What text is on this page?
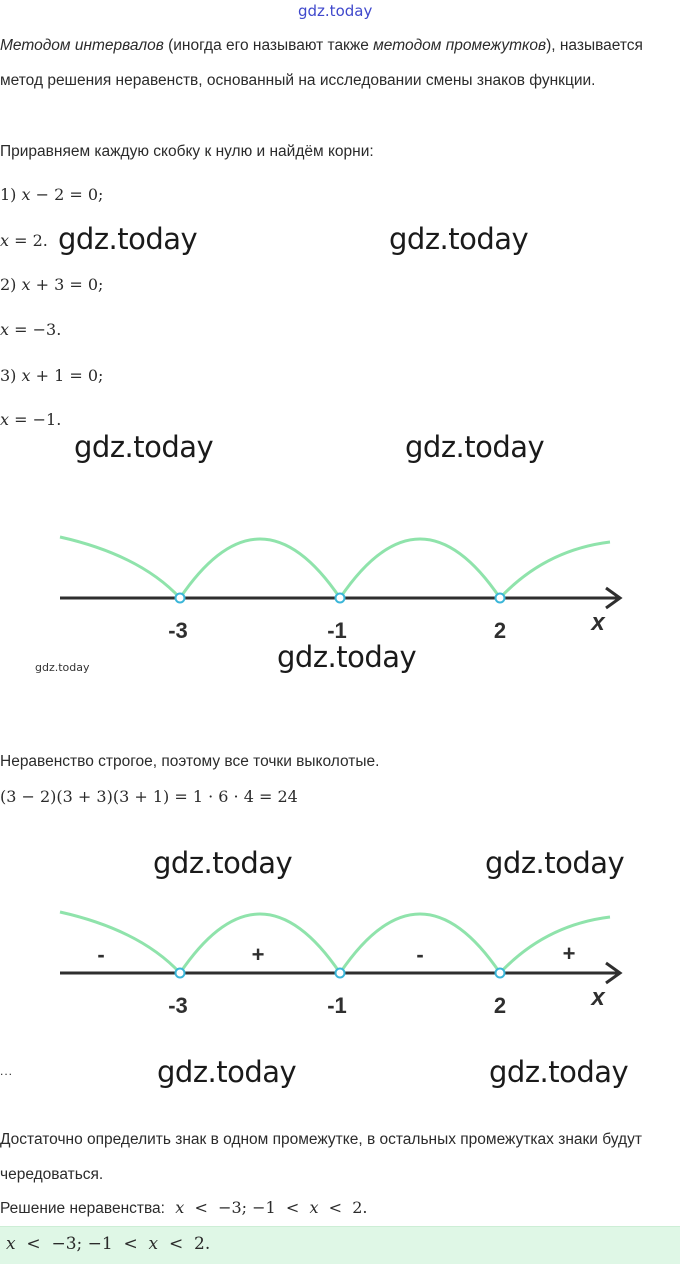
gdz.today
Методом интервалов (иногда его называют также методом промежутков), называется метод решения неравенств, основанный на исследовании смены знаков функции.
Приравняем каждую скобку к нулю и найдём корни:
1) 𝑥 − 2 = 0;
𝑥 = 2.
2) 𝑥 + 3 = 0;
𝑥 = −3.
3) 𝑥 + 1 = 0;
𝑥 = −1.
gdz.today	gdz.today
gdz.today	gdz.today
-3	-1	2	x
gdz.today
gdz.today
Неравенство строгое, поэтому все точки выколотые.
(3 − 2)(3 + 3)(3 + 1) = 1 · 6 · 4 = 24
gdz.today	gdz.today
-	+	-	+
-3	-1	2	x
...	gdz.today	gdz.today
Достаточно определить знак в одном промежутке, в остальных промежутках знаки будут чередоваться.
Решение неравенства: 𝑥  <  −3; −1  <  𝑥  <  2.
𝑥  <  −3; −1  <  𝑥  <  2.
